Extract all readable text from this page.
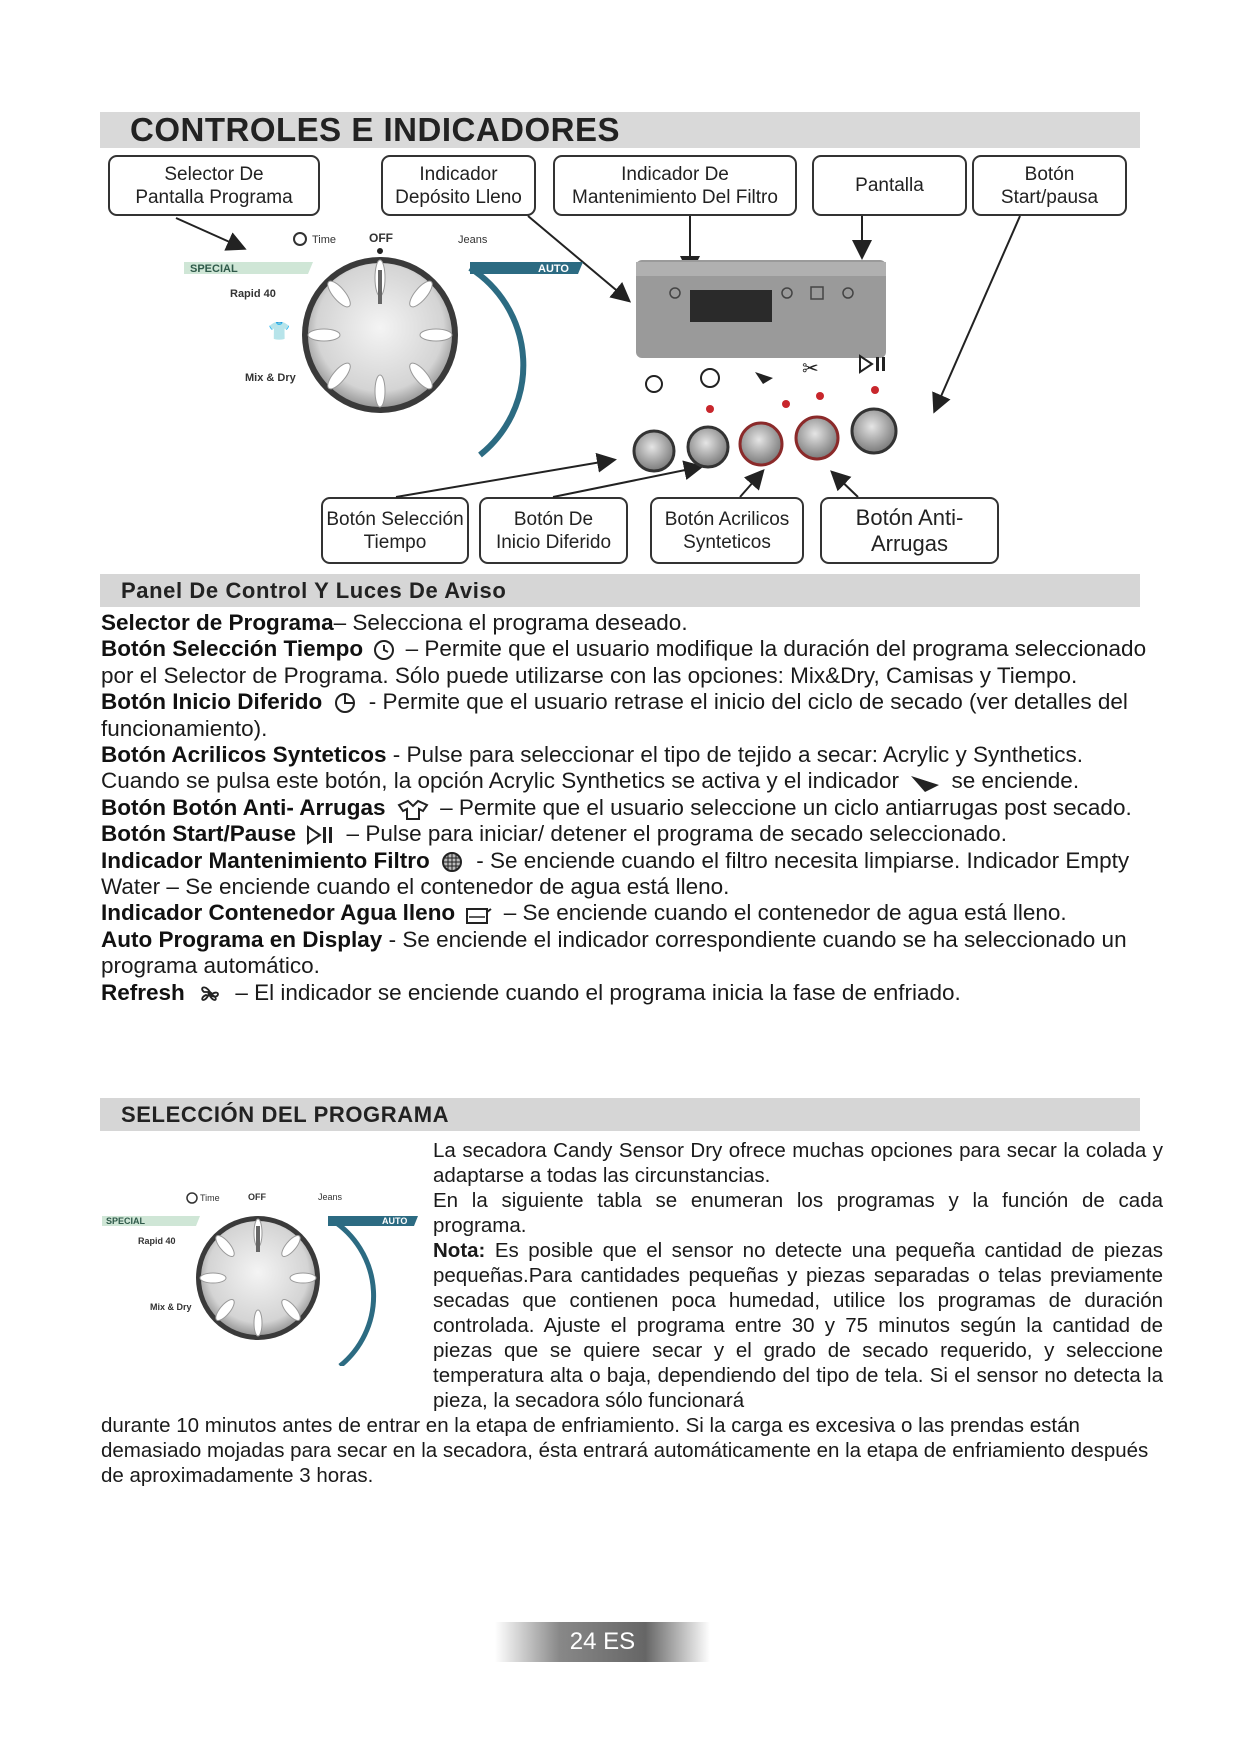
CONTROLES E INDICADORES
Selector De
Pantalla Programa
Indicador
Depósito Lleno
Indicador De
Mantenimiento Del Filtro
Pantalla
Botón
Start/pausa
Botón Selección
Tiempo
Botón De
Inicio Diferido
Botón Acrilicos
Synteticos
Botón Anti-
Arrugas
Time	OFF	Jeans
SPECIAL	AUTO
Rapid 40
Mix & Dry
👕
✂
Panel De Control Y Luces De Aviso

Selector de Programa– Selecciona el programa deseado.

Botón Selección Tiempo  – Permite que el usuario modifique la duración del programa seleccionado por el Selector de Programa. Sólo puede utilizarse con las opciones: Mix&Dry, Camisas y Tiempo.

Botón Inicio Diferido  - Permite que el usuario retrase el inicio del ciclo de secado (ver detalles del funcionamiento).

Botón Acrilicos Synteticos - Pulse para seleccionar el tipo de tejido a secar: Acrylic y Synthetics. Cuando se pulsa este botón, la opción Acrylic Synthetics se activa y el indicador  se enciende.

Botón Botón Anti- Arrugas  – Permite que el usuario seleccione un ciclo antiarrugas post secado.

Botón Start/Pause  – Pulse para iniciar/ detener el programa de secado seleccionado.

Indicador Mantenimiento Filtro  - Se enciende cuando el filtro necesita limpiarse. Indicador Empty Water – Se enciende cuando el contenedor de agua está lleno.

Indicador Contenedor Agua lleno  – Se enciende cuando el contenedor de agua está lleno.

Auto Programa en Display - Se enciende el indicador correspondiente cuando se ha seleccionado un programa automático.

Refresh  – El indicador se enciende cuando el programa inicia la fase de enfriado.

SELECCIÓN DEL PROGRAMA
Time	OFF	Jeans
SPECIAL	AUTO
Rapid 40
Mix & Dry

La secadora Candy Sensor Dry ofrece muchas opciones para secar la colada y adaptarse a todas las circunstancias.

En la siguiente tabla se enumeran los programas y la función de cada programa.

Nota: Es posible que el sensor no detecte una pequeña cantidad de piezas pequeñas.Para cantidades pequeñas y piezas separadas o telas previamente secadas que contienen poca humedad, utilice los programas de duración controlada. Ajuste el programa entre 30 y 75 minutos según la cantidad de piezas que se quiere secar y el grado de secado requerido, y seleccione temperatura alta o baja, dependiendo del tipo de tela. Si el sensor no detecta la pieza, la secadora sólo funcionará

durante 10 minutos antes de entrar en la etapa de enfriamiento. Si la carga es excesiva o las prendas están demasiado mojadas para secar en la secadora, ésta entrará automáticamente en la etapa de enfriamiento después de aproximadamente 3 horas.
24 ES
